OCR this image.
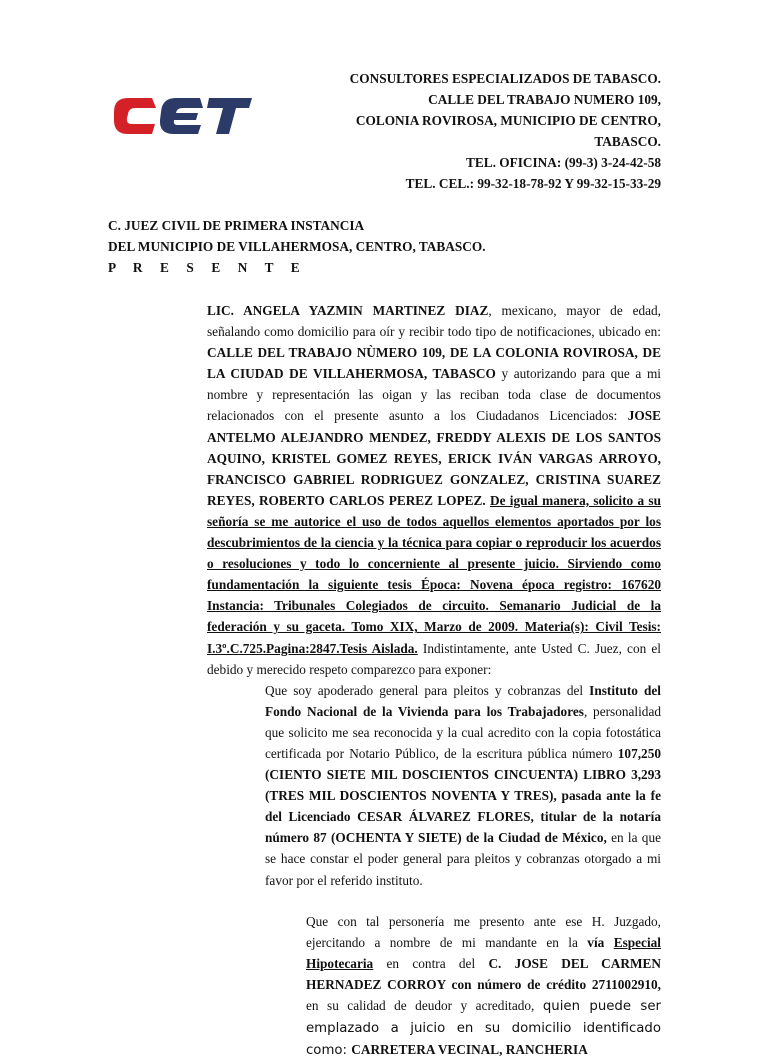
CONSULTORES ESPECIALIZADOS DE TABASCO.
CALLE DEL TRABAJO NUMERO 109,
COLONIA ROVIROSA, MUNICIPIO DE CENTRO,
TABASCO.
TEL. OFICINA: (99-3) 3-24-42-58
TEL. CEL.: 99-32-18-78-92 Y 99-32-15-33-29
C. JUEZ CIVIL DE PRIMERA INSTANCIA
DEL MUNICIPIO DE VILLAHERMOSA, CENTRO, TABASCO.
P R E S E N T E

LIC. ANGELA YAZMIN MARTINEZ DIAZ, mexicano, mayor de edad, señalando como domicilio para oír y recibir todo tipo de notificaciones, ubicado en: CALLE DEL TRABAJO NÙMERO 109, DE LA COLONIA ROVIROSA, DE LA CIUDAD DE VILLAHERMOSA, TABASCO y autorizando para que a mi nombre y representación las oigan y las reciban toda clase de documentos relacionados con el presente asunto a los Ciudadanos Licenciados: JOSE ANTELMO ALEJANDRO MENDEZ, FREDDY ALEXIS DE LOS SANTOS AQUINO, KRISTEL GOMEZ REYES, ERICK IVÁN VARGAS ARROYO, FRANCISCO GABRIEL RODRIGUEZ GONZALEZ, CRISTINA SUAREZ REYES, ROBERTO CARLOS PEREZ LOPEZ. De igual manera, solicito a su señoría se me autorice el uso de todos aquellos elementos aportados por los descubrimientos de la ciencia y la técnica para copiar o reproducir los acuerdos o resoluciones y todo lo concerniente al presente juicio. Sirviendo como fundamentación la siguiente tesis Época: Novena época registro: 167620 Instancia: Tribunales Colegiados de circuito. Semanario Judicial de la federación y su gaceta. Tomo XIX, Marzo de 2009. Materia(s): Civil Tesis: I.3º.C.725.Pagina:2847.Tesis Aislada. Indistintamente, ante Usted C. Juez, con el debido y merecido respeto comparezco para exponer:

Que soy apoderado general para pleitos y cobranzas del Instituto del Fondo Nacional de la Vivienda para los Trabajadores, personalidad que solicito me sea reconocida y la cual acredito con la copia fotostática certificada por Notario Público, de la escritura pública número 107,250 (CIENTO SIETE MIL DOSCIENTOS CINCUENTA) LIBRO 3,293 (TRES MIL DOSCIENTOS NOVENTA Y TRES), pasada ante la fe del Licenciado CESAR ÁLVAREZ FLORES, titular de la notaría número 87 (OCHENTA Y SIETE) de la Ciudad de México, en la que se hace constar el poder general para pleitos y cobranzas otorgado a mi favor por el referido instituto.

Que con tal personería me presento ante ese H. Juzgado, ejercitando a nombre de mi mandante en la vía Especial Hipotecaria en contra del C. JOSE DEL CARMEN HERNADEZ CORROY con número de crédito 2711002910, en su calidad de deudor y acreditado, quien puede ser emplazado a juicio en su domicilio identificado como: CARRETERA VECINAL, RANCHERIA
